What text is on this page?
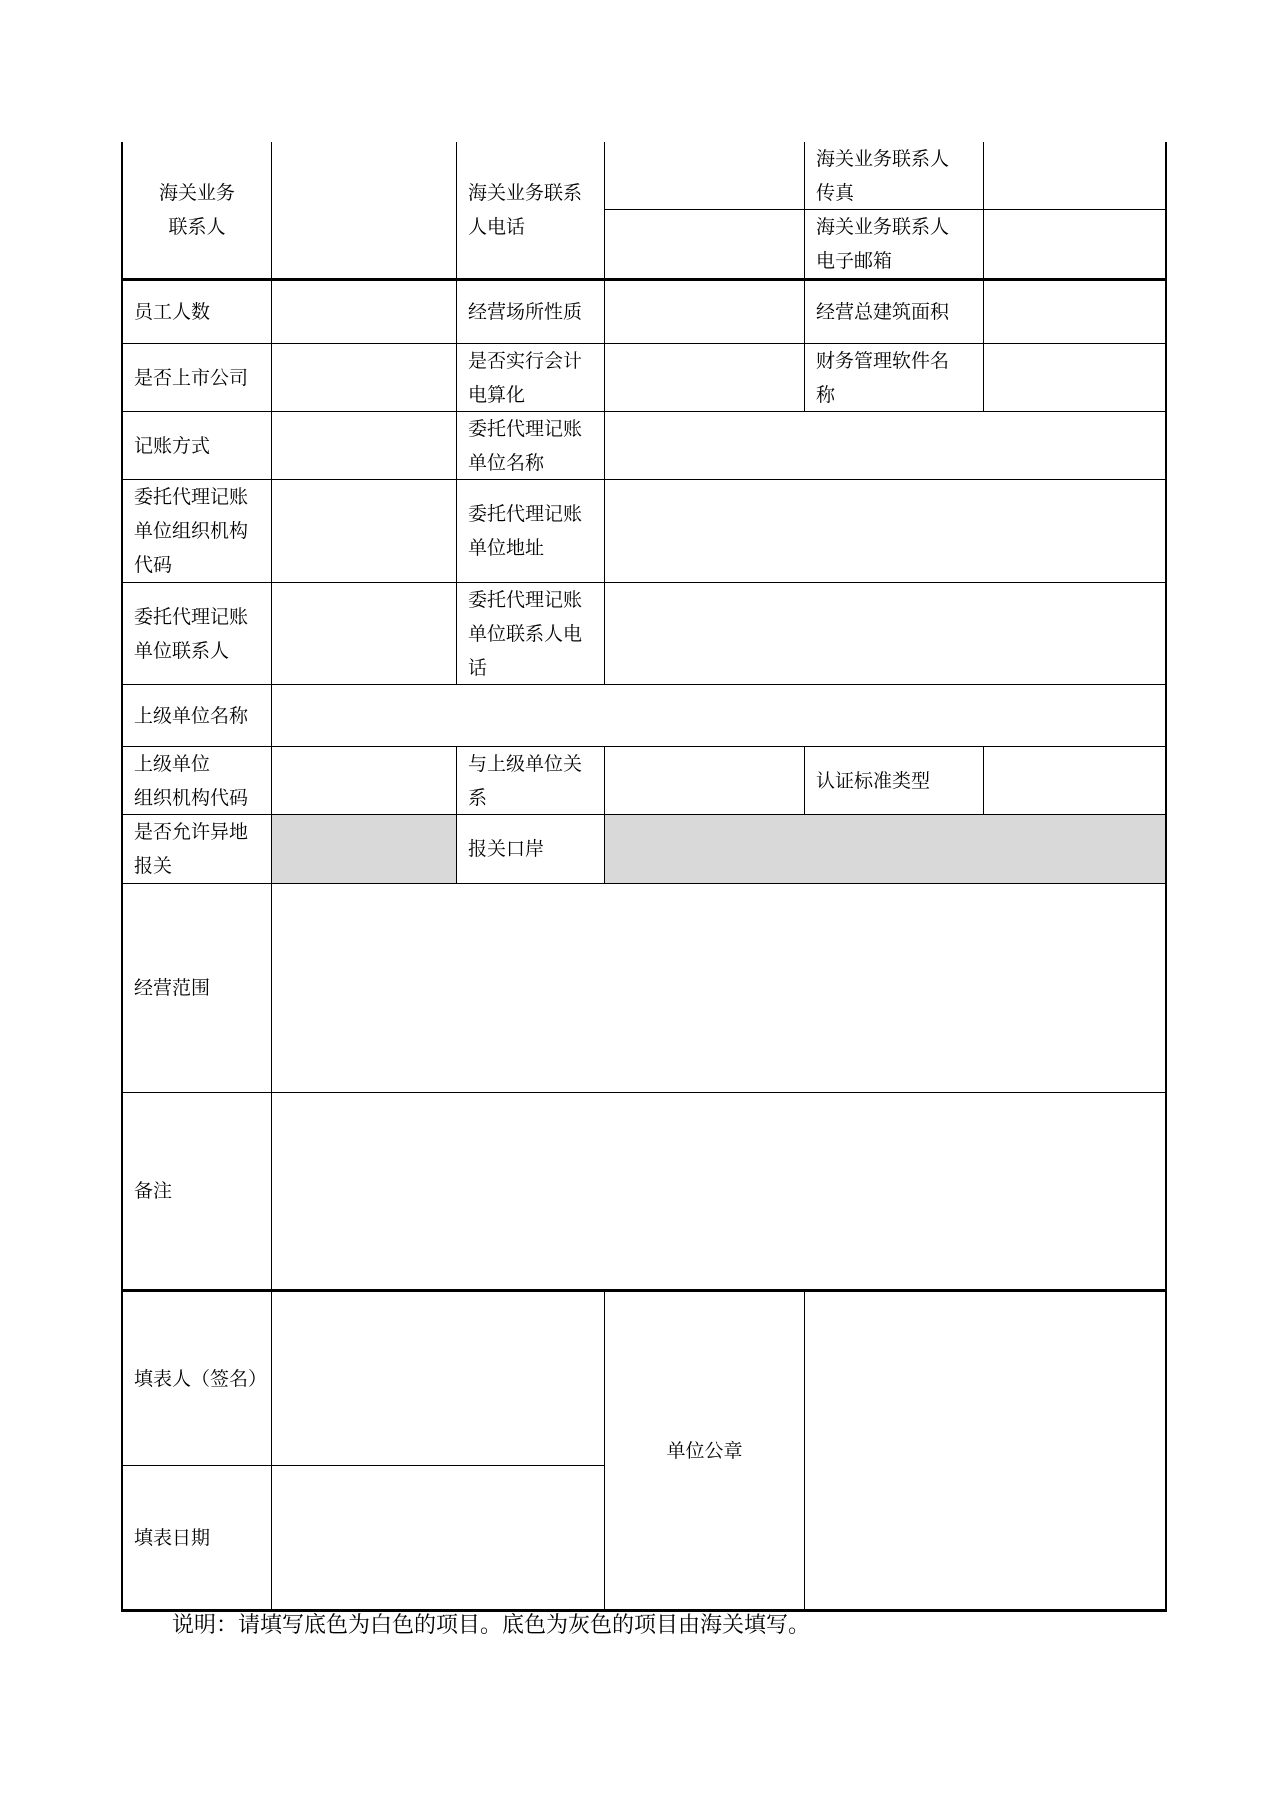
海关业务
联系人
海关业务联系
人电话
海关业务联系人
传真
海关业务联系人
电子邮箱
员工人数	经营场所性质	经营总建筑面积
是否上市公司
是否实行会计
电算化
财务管理软件名
称
记账方式
委托代理记账
单位名称
委托代理记账
单位组织机构
代码
委托代理记账
单位地址
委托代理记账
单位联系人
委托代理记账
单位联系人电
话
上级单位名称
上级单位
组织机构代码
与上级单位关
系
认证标准类型
是否允许异地
报关
报关口岸
经营范围
备注
填表人（签名）
单位公章
填表日期
说明：请填写底色为白色的项目。底色为灰色的项目由海关填写。
